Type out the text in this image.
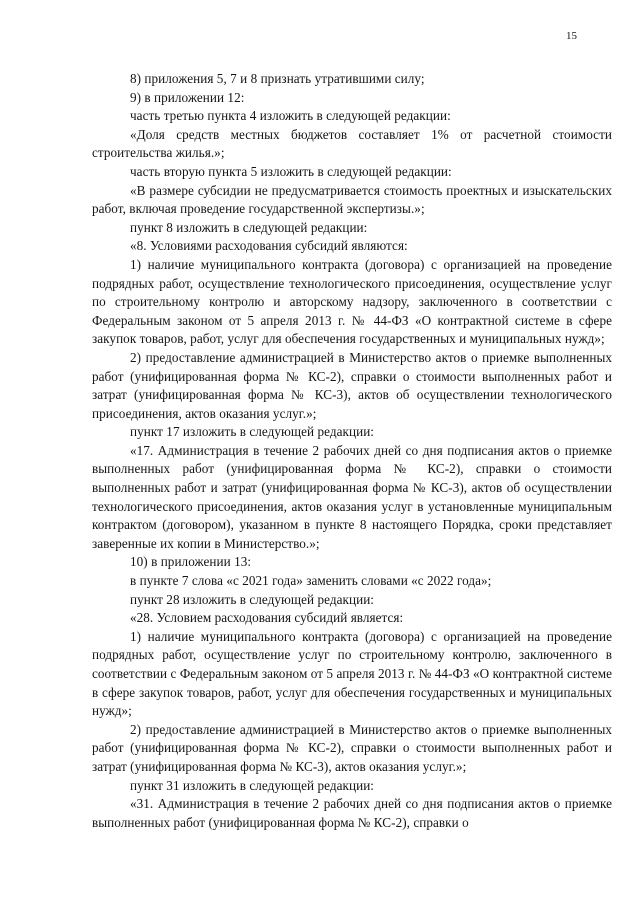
15

8) приложения 5, 7 и 8 признать утратившими силу;

9) в приложении 12:

часть третью пункта 4 изложить в следующей редакции:

«Доля средств местных бюджетов составляет 1% от расчетной стоимости строительства жилья.»;

часть вторую пункта 5 изложить в следующей редакции:

«В размере субсидии не предусматривается стоимость проектных и изыскательских работ, включая проведение государственной экспертизы.»;

пункт 8 изложить в следующей редакции:

«8. Условиями расходования субсидий являются:

1) наличие муниципального контракта (договора) с организацией на проведение подрядных работ, осуществление технологического присоединения, осуществление услуг по строительному контролю и авторскому надзору, заключенного в соответствии с Федеральным законом от 5 апреля 2013 г. № 44-ФЗ «О контрактной системе в сфере закупок товаров, работ, услуг для обеспечения государственных и муниципальных нужд»;

2) предоставление администрацией в Министерство актов о приемке выполненных работ (унифицированная форма № КС-2), справки о стоимости выполненных работ и затрат (унифицированная форма № КС-3), актов об осуществлении технологического присоединения, актов оказания услуг.»;

пункт 17 изложить в следующей редакции:

«17. Администрация в течение 2 рабочих дней со дня подписания актов о приемке выполненных работ (унифицированная форма № КС-2), справки о стоимости выполненных работ и затрат (унифицированная форма № КС-3), актов об осуществлении технологического присоединения, актов оказания услуг в установленные муниципальным контрактом (договором), указанном в пункте 8 настоящего Порядка, сроки представляет заверенные их копии в Министерство.»;

10) в приложении 13:

в пункте 7 слова «с 2021 года» заменить словами «с 2022 года»;

пункт 28 изложить в следующей редакции:

«28. Условием расходования субсидий является:

1) наличие муниципального контракта (договора) с организацией на проведение подрядных работ, осуществление услуг по строительному контролю, заключенного в соответствии с Федеральным законом от 5 апреля 2013 г. № 44-ФЗ «О контрактной системе в сфере закупок товаров, работ, услуг для обеспечения государственных и муниципальных нужд»;

2) предоставление администрацией в Министерство актов о приемке выполненных работ (унифицированная форма № КС-2), справки о стоимости выполненных работ и затрат (унифицированная форма № КС-3), актов оказания услуг.»;

пункт 31 изложить в следующей редакции:

«31. Администрация в течение 2 рабочих дней со дня подписания актов о приемке выполненных работ (унифицированная форма № КС-2), справки о
